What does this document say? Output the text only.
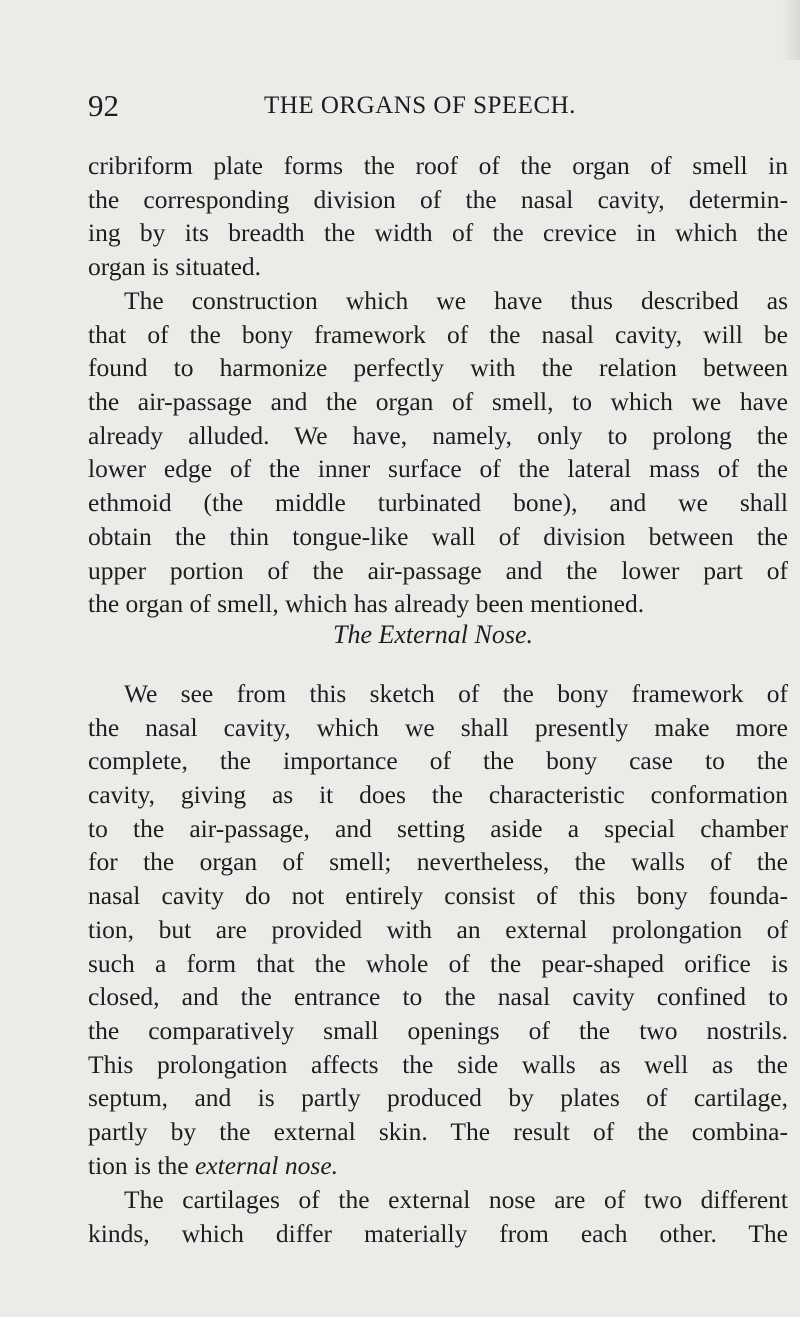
92	THE ORGANS OF SPEECH.
cribriform plate forms the roof of the organ of smell in
the corresponding division of the nasal cavity, determin-
ing by its breadth the width of the crevice in which the
organ is situated.
The construction which we have thus described as
that of the bony framework of the nasal cavity, will be
found to harmonize perfectly with the relation between
the air-passage and the organ of smell, to which we have
already alluded. We have, namely, only to prolong the
lower edge of the inner surface of the lateral mass of the
ethmoid (the middle turbinated bone), and we shall
obtain the thin tongue-like wall of division between the
upper portion of the air-passage and the lower part of
the organ of smell, which has already been mentioned.
The External Nose.
We see from this sketch of the bony framework of
the nasal cavity, which we shall presently make more
complete, the importance of the bony case to the
cavity, giving as it does the characteristic conformation
to the air-passage, and setting aside a special chamber
for the organ of smell; nevertheless, the walls of the
nasal cavity do not entirely consist of this bony founda-
tion, but are provided with an external prolongation of
such a form that the whole of the pear-shaped orifice is
closed, and the entrance to the nasal cavity confined to
the comparatively small openings of the two nostrils.
This prolongation affects the side walls as well as the
septum, and is partly produced by plates of cartilage,
partly by the external skin. The result of the combina-
tion is the external nose.
The cartilages of the external nose are of two different
kinds, which differ materially from each other. The
